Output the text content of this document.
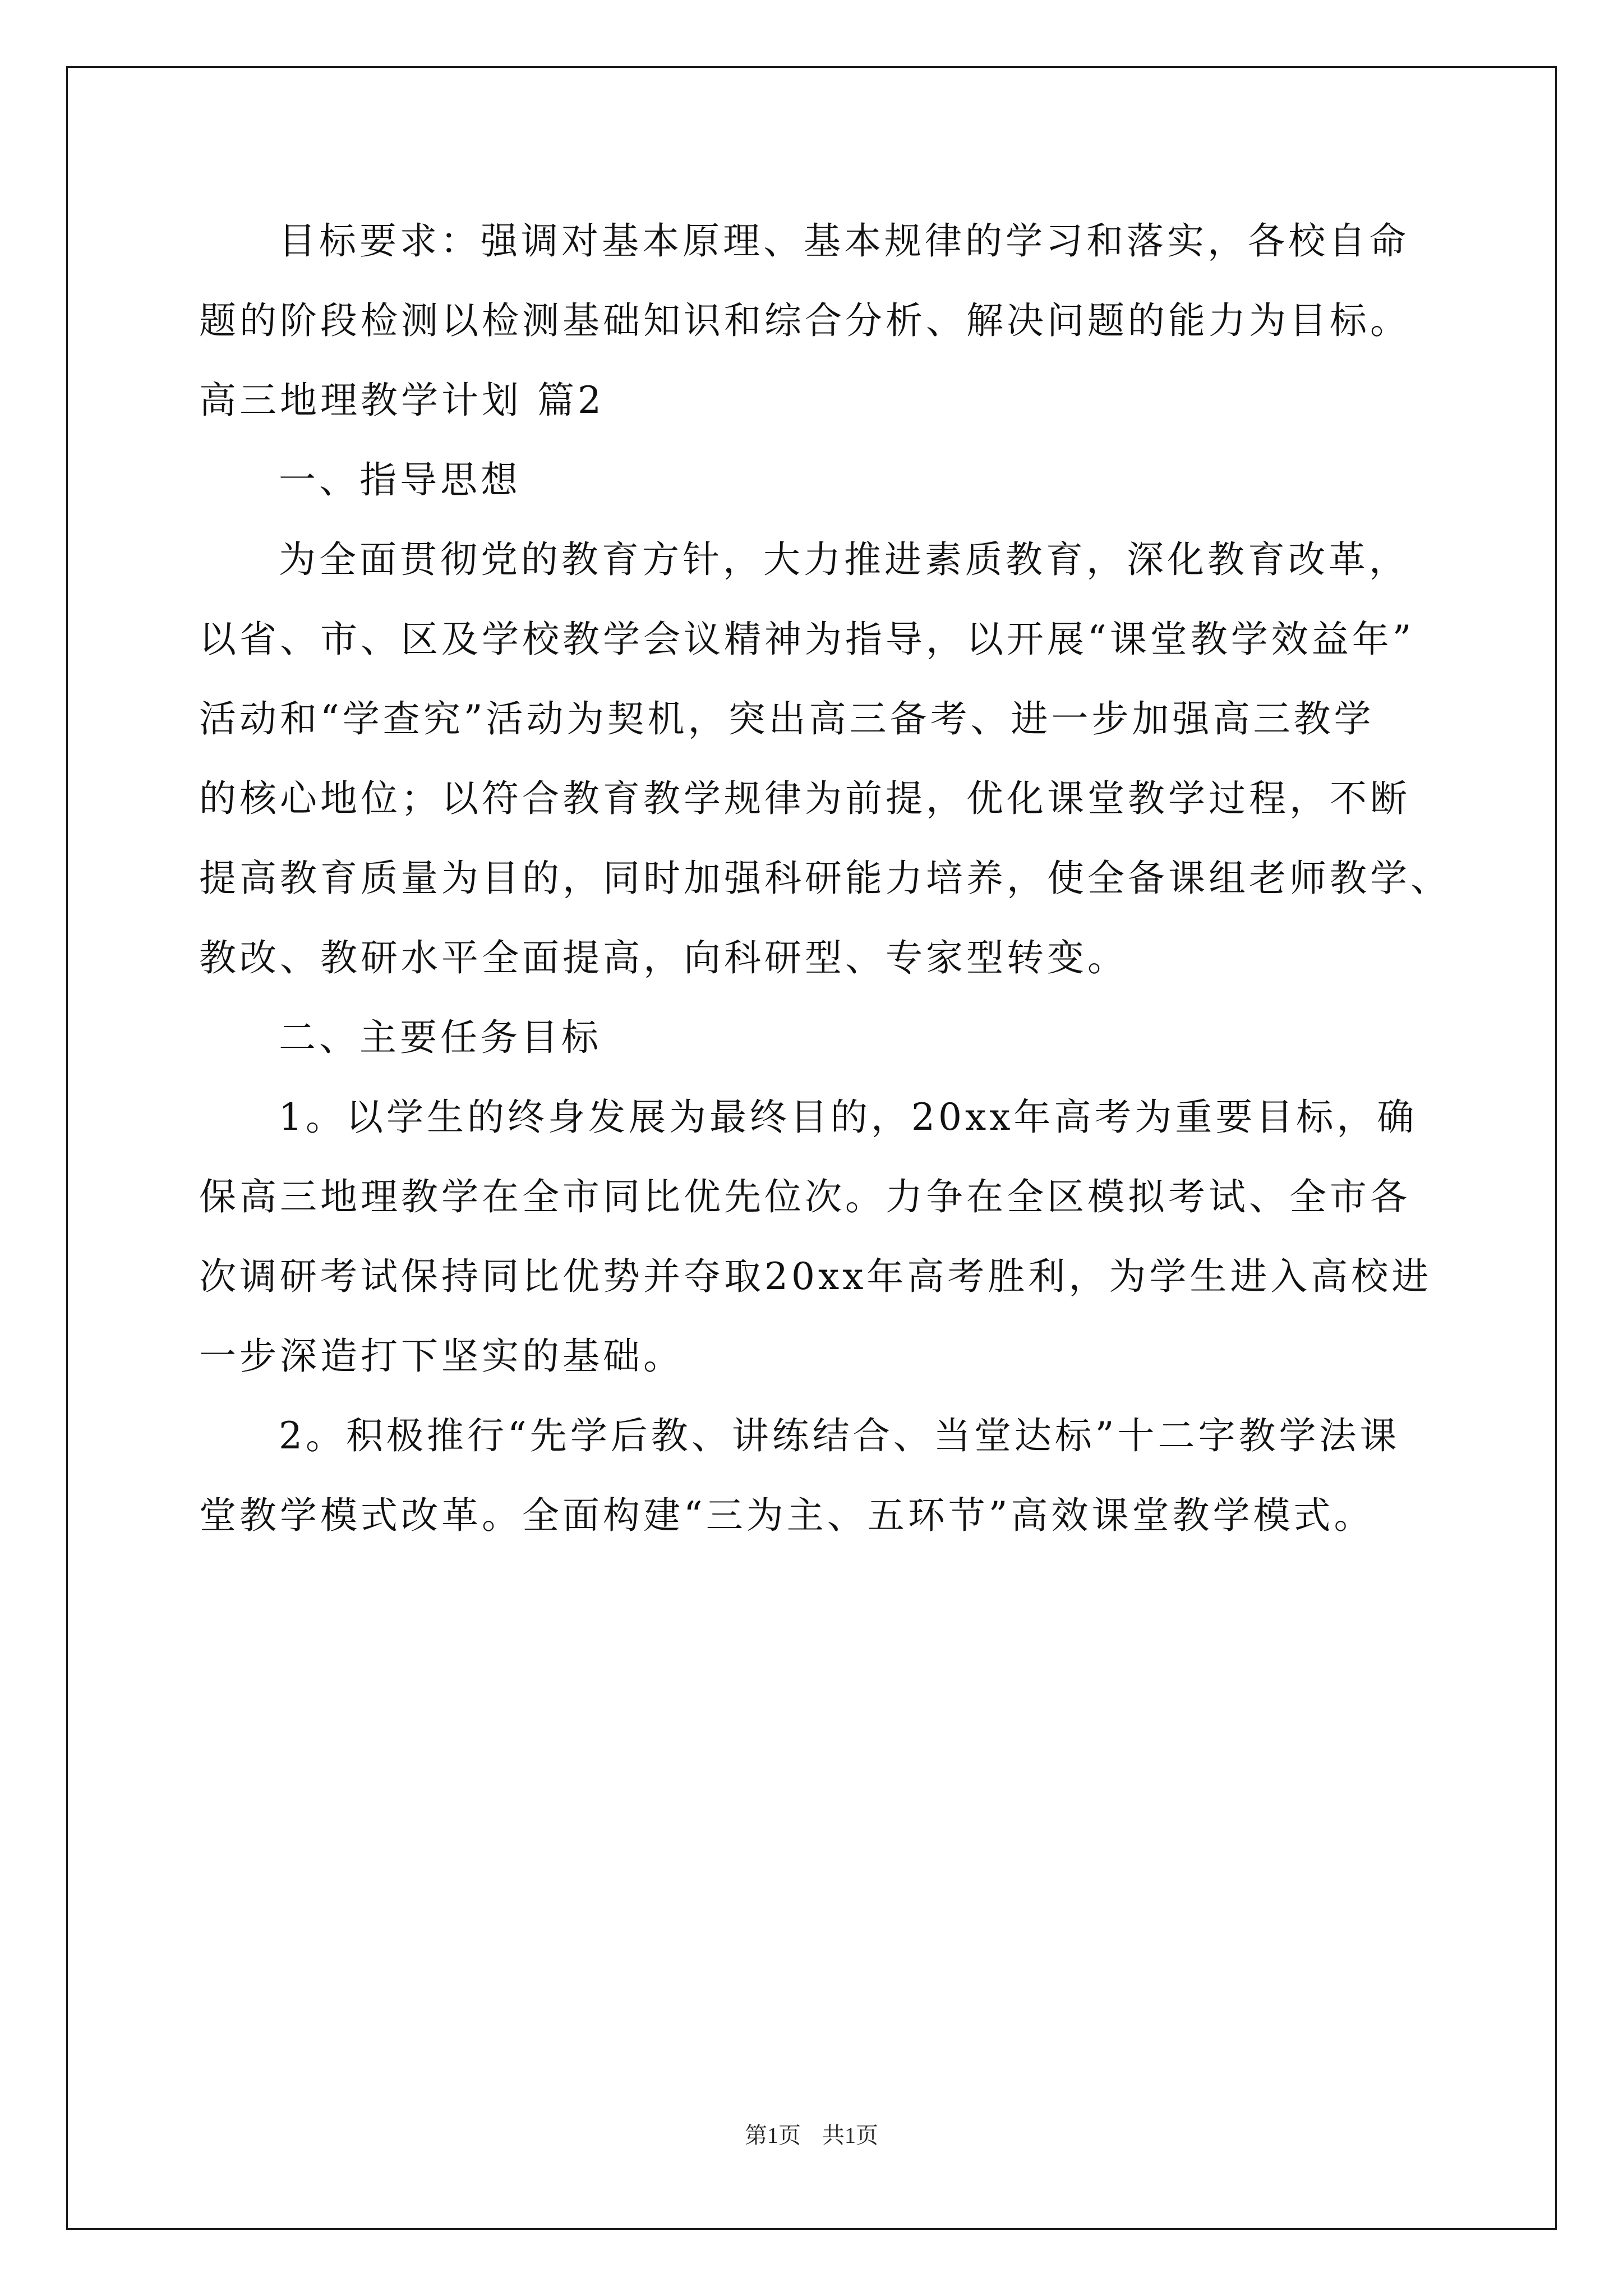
目标要求：强调对基本原理、基本规律的学习和落实，各校自命
题的阶段检测以检测基础知识和综合分析、解决问题的能力为目标。
高三地理教学计划 篇2
一、指导思想
为全面贯彻党的教育方针，大力推进素质教育，深化教育改革，
以省、市、区及学校教学会议精神为指导，以开展“课堂教学效益年”
活动和“学查究”活动为契机，突出高三备考、进一步加强高三教学
的核心地位；以符合教育教学规律为前提，优化课堂教学过程，不断
提高教育质量为目的，同时加强科研能力培养，使全备课组老师教学、
教改、教研水平全面提高，向科研型、专家型转变。
二、主要任务目标
1。以学生的终身发展为最终目的，20xx年高考为重要目标，确
保高三地理教学在全市同比优先位次。力争在全区模拟考试、全市各
次调研考试保持同比优势并夺取20xx年高考胜利，为学生进入高校进
一步深造打下坚实的基础。
2。积极推行“先学后教、讲练结合、当堂达标”十二字教学法课
堂教学模式改革。全面构建“三为主、五环节”高效课堂教学模式。
第1页 共1页
